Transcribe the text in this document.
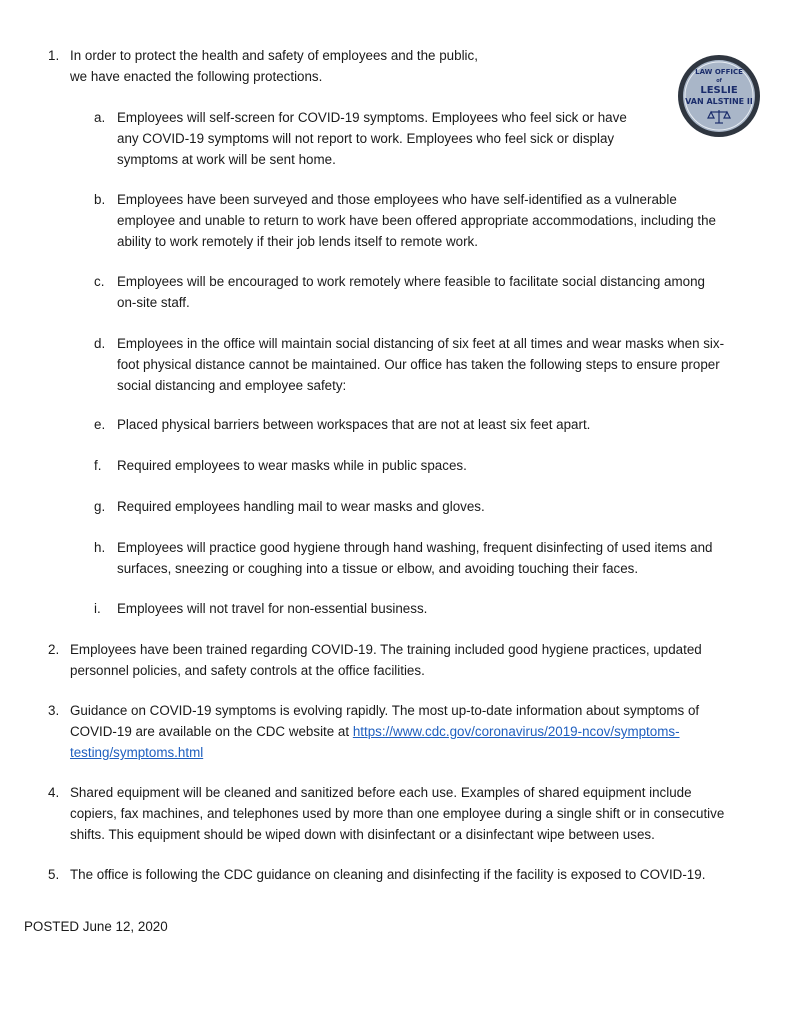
LAW OFFICE
of
LESLIE
VAN ALSTINE II
1. In order to protect the health and safety of employees and the public,
we have enacted the following protections.
a. Employees will self-screen for COVID-19 symptoms. Employees who feel sick or have
any COVID-19 symptoms will not report to work. Employees who feel sick or display
symptoms at work will be sent home.
b. Employees have been surveyed and those employees who have self-identified as a vulnerable
employee and unable to return to work have been offered appropriate accommodations, including the
ability to work remotely if their job lends itself to remote work.
c. Employees will be encouraged to work remotely where feasible to facilitate social distancing among
on-site staff.
d. Employees in the office will maintain social distancing of six feet at all times and wear masks when six-
foot physical distance cannot be maintained. Our office has taken the following steps to ensure proper
social distancing and employee safety:
e. Placed physical barriers between workspaces that are not at least six feet apart.
f. Required employees to wear masks while in public spaces.
g. Required employees handling mail to wear masks and gloves.
h. Employees will practice good hygiene through hand washing, frequent disinfecting of used items and
surfaces, sneezing or coughing into a tissue or elbow, and avoiding touching their faces.
i. Employees will not travel for non-essential business.
2. Employees have been trained regarding COVID-19. The training included good hygiene practices, updated
personnel policies, and safety controls at the office facilities.
3. Guidance on COVID-19 symptoms is evolving rapidly. The most up-to-date information about symptoms of
COVID-19 are available on the CDC website at https://www.cdc.gov/coronavirus/2019-ncov/symptoms-
testing/symptoms.html
4. Shared equipment will be cleaned and sanitized before each use. Examples of shared equipment include
copiers, fax machines, and telephones used by more than one employee during a single shift or in consecutive
shifts. This equipment should be wiped down with disinfectant or a disinfectant wipe between uses.
5. The office is following the CDC guidance on cleaning and disinfecting if the facility is exposed to COVID-19.
POSTED June 12, 2020
